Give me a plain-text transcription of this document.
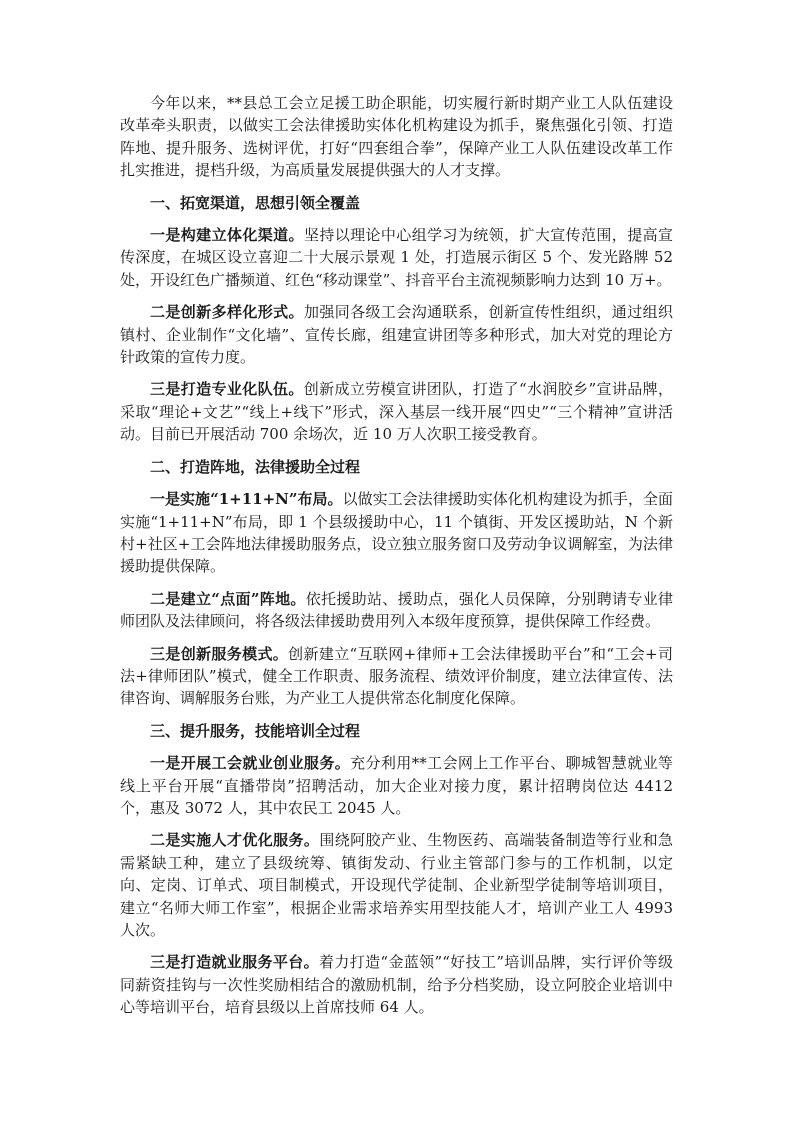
今年以来，**县总工会立足援工助企职能，切实履行新时期产业工人队伍建设改革牵头职责，以做实工会法律援助实体化机构建设为抓手，聚焦强化引领、打造阵地、提升服务、选树评优，打好“四套组合拳”，保障产业工人队伍建设改革工作扎实推进，提档升级，为高质量发展提供强大的人才支撑。

一、拓宽渠道，思想引领全覆盖

一是构建立体化渠道。坚持以理论中心组学习为统领，扩大宣传范围，提高宣传深度，在城区设立喜迎二十大展示景观 1 处，打造展示街区 5 个、发光路牌 52 处，开设红色广播频道、红色“移动课堂”、抖音平台主流视频影响力达到 10 万+。

二是创新多样化形式。加强同各级工会沟通联系，创新宣传性组织，通过组织镇村、企业制作“文化墙”、宣传长廊，组建宣讲团等多种形式，加大对党的理论方针政策的宣传力度。

三是打造专业化队伍。创新成立劳模宣讲团队，打造了“水润胶乡”宣讲品牌，采取“理论+文艺”“线上+线下”形式，深入基层一线开展“四史”“三个精神”宣讲活动。目前已开展活动 700 余场次，近 10 万人次职工接受教育。

二、打造阵地，法律援助全过程

一是实施“1+11+N”布局。以做实工会法律援助实体化机构建设为抓手，全面实施“1+11+N”布局，即 1 个县级援助中心，11 个镇街、开发区援助站，N 个新村+社区+工会阵地法律援助服务点，设立独立服务窗口及劳动争议调解室，为法律援助提供保障。

二是建立“点面”阵地。依托援助站、援助点，强化人员保障，分别聘请专业律师团队及法律顾问，将各级法律援助费用列入本级年度预算，提供保障工作经费。

三是创新服务模式。创新建立“互联网+律师+工会法律援助平台”和“工会+司法+律师团队”模式，健全工作职责、服务流程、绩效评价制度，建立法律宣传、法律咨询、调解服务台账，为产业工人提供常态化制度化保障。

三、提升服务，技能培训全过程

一是开展工会就业创业服务。充分利用**工会网上工作平台、聊城智慧就业等线上平台开展“直播带岗”招聘活动，加大企业对接力度，累计招聘岗位达 4412 个，惠及 3072 人，其中农民工 2045 人。

二是实施人才优化服务。围绕阿胶产业、生物医药、高端装备制造等行业和急需紧缺工种，建立了县级统筹、镇街发动、行业主管部门参与的工作机制，以定向、定岗、订单式、项目制模式，开设现代学徒制、企业新型学徒制等培训项目，建立“名师大师工作室”，根据企业需求培养实用型技能人才，培训产业工人 4993 人次。

三是打造就业服务平台。着力打造“金蓝领”“好技工”培训品牌，实行评价等级同薪资挂钩与一次性奖励相结合的激励机制，给予分档奖励，设立阿胶企业培训中心等培训平台，培育县级以上首席技师 64 人。
